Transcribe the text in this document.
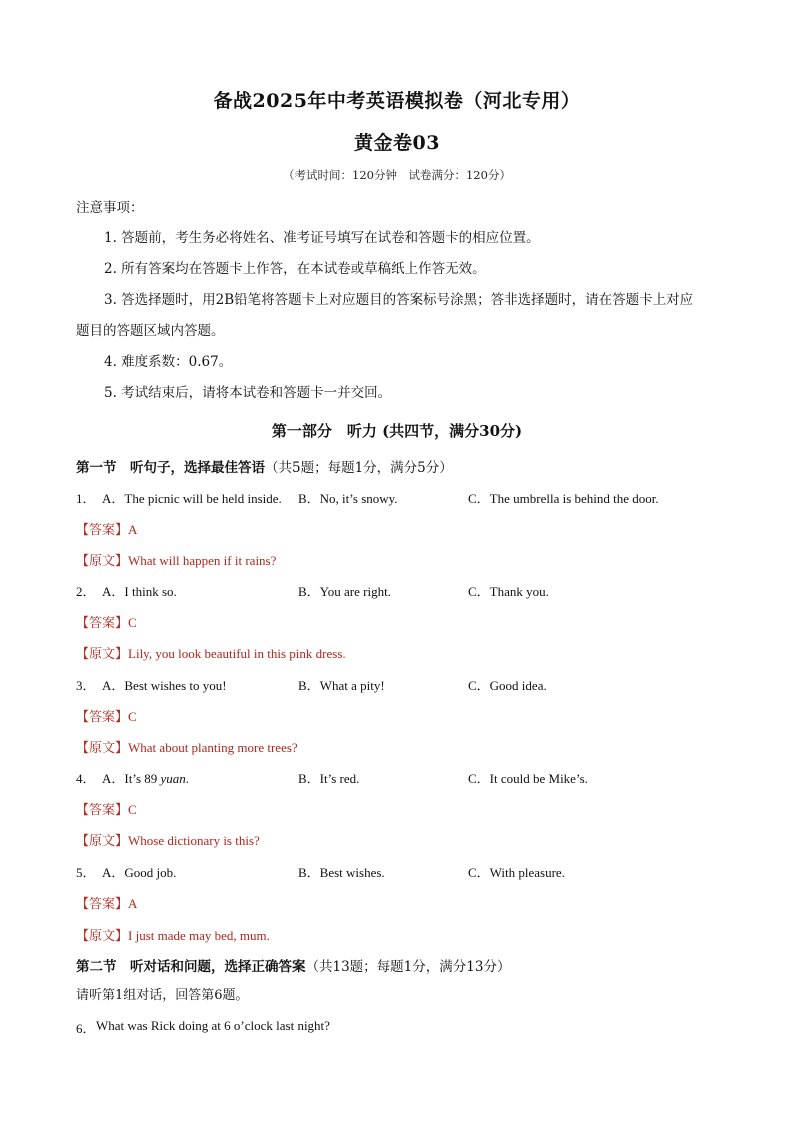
备战2025年中考英语模拟卷（河北专用）
黄金卷03
（考试时间：120分钟　试卷满分：120分）
注意事项：
1. 答题前，考生务必将姓名、准考证号填写在试卷和答题卡的相应位置。
2. 所有答案均在答题卡上作答，在本试卷或草稿纸上作答无效。
3. 答选择题时，用2B铅笔将答题卡上对应题目的答案标号涂黑；答非选择题时，请在答题卡上对应
题目的答题区域内答题。
4. 难度系数：0.67。
5. 考试结束后，请将本试卷和答题卡一并交回。
第一部分　听力 (共四节，满分30分)
第一节　听句子，选择最佳答语（共5题；每题1分，满分5分）
1． A．The picnic will be held inside. B．No, it’s snowy.	C．The umbrella is behind the door.
【答案】A
【原文】What will happen if it rains?
2． A．I think so.	B．You are right.	C．Thank you.
【答案】C
【原文】Lily, you look beautiful in this pink dress.
3． A．Best wishes to you!	B．What a pity!	C．Good idea.
【答案】C
【原文】What about planting more trees?
4． A．It’s 89 yuan.	B．It’s red.	C．It could be Mike’s.
【答案】C
【原文】Whose dictionary is this?
5． A．Good job.	B．Best wishes.	C．With pleasure.
【答案】A
【原文】I just made may bed, mum.
第二节　听对话和问题，选择正确答案（共13题；每题1分，满分13分）
请听第1组对话，回答第6题。
6． What was Rick doing at 6 o’clock last night?
